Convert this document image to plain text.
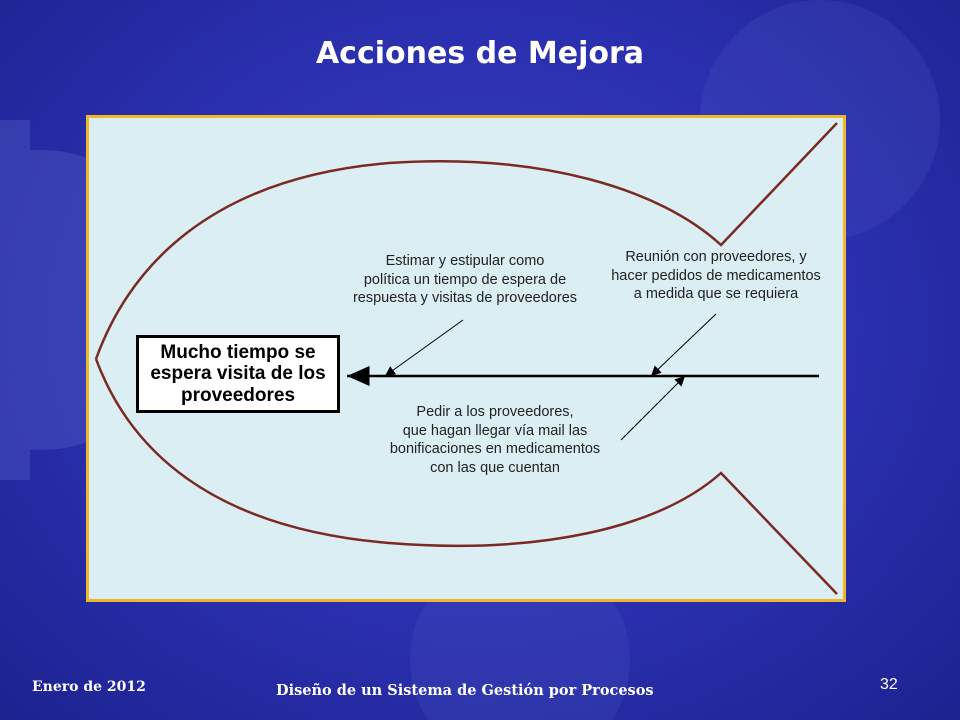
Acciones de Mejora
Mucho tiempo se
espera visita de los
proveedores
Estimar y estipular como
política un tiempo de espera de
respuesta y visitas de proveedores
Reunión con proveedores, y
hacer pedidos de medicamentos
a medida que se requiera
Pedir a los proveedores,
que hagan llegar vía mail las
bonificaciones en medicamentos
con las que cuentan
Enero de 2012	Diseño de un Sistema de Gestión por Procesos	32
